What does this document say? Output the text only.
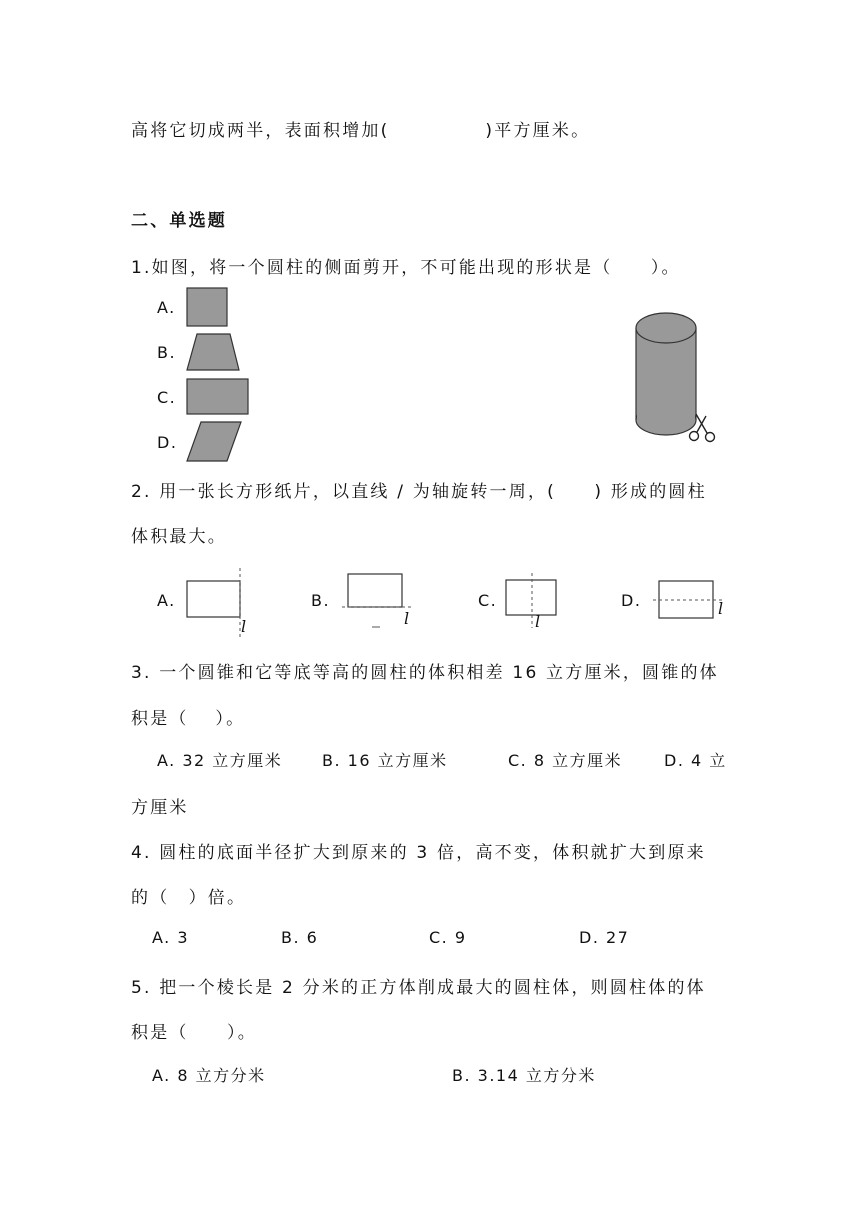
高将它切成两半，表面积增加(　　　　　)平方厘米。
二、单选题
1.如图，将一个圆柱的侧面剪开，不可能出现的形状是（　　）。
A.
B.
C.
D.
2. 用一张长方形纸片，以直线 / 为轴旋转一周，(　　) 形成的圆柱
体积最大。
A.
l
B.
l
C.
l
D.	l
3. 一个圆锥和它等底等高的圆柱的体积相差 16 立方厘米，圆锥的体
积是（　 ）。
A. 32 立方厘米 B. 16 立方厘米	C. 8 立方厘米	D. 4 立
方厘米
4. 圆柱的底面半径扩大到原来的 3 倍，高不变，体积就扩大到原来
的（　）倍。
A. 3	B. 6	C. 9	D. 27
5. 把一个棱长是 2 分米的正方体削成最大的圆柱体，则圆柱体的体
积是（　　）。
A. 8 立方分米	B. 3.14 立方分米
